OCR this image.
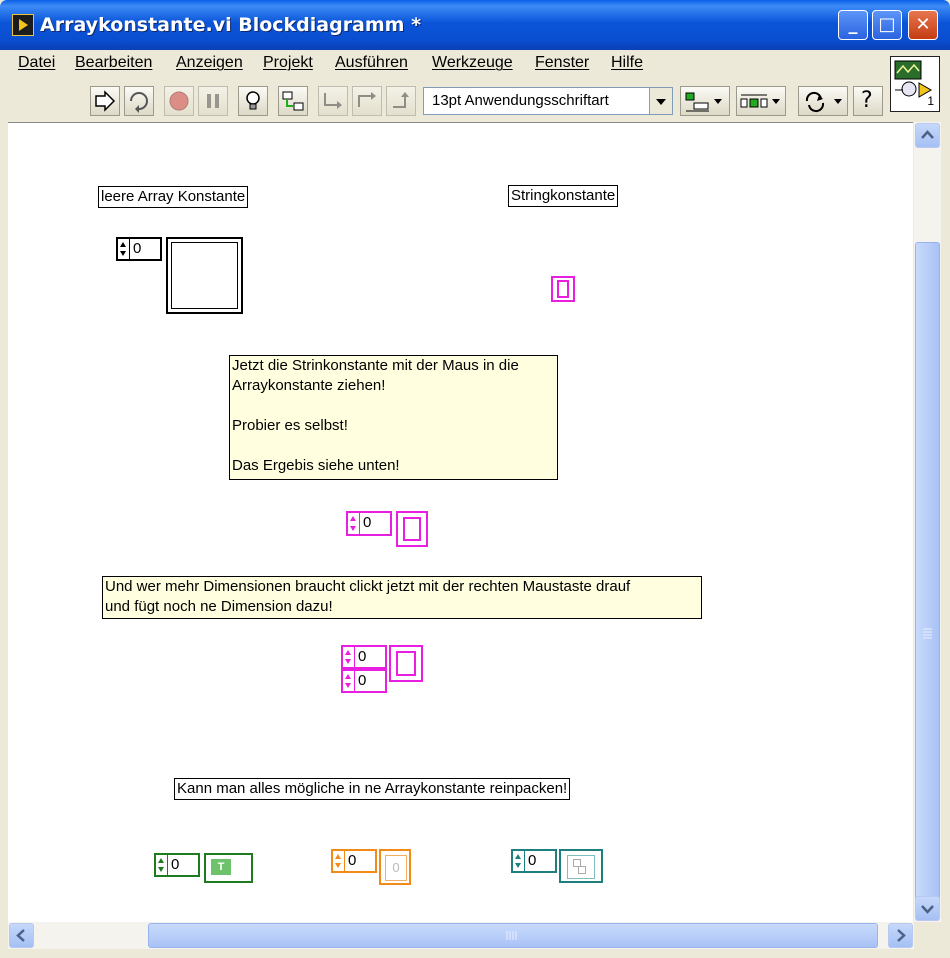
Arraykonstante.vi Blockdiagramm *	_	□	✕
Datei Bearbeiten Anzeigen Projekt Ausführen Werkzeuge Fenster Hilfe
13pt Anwendungsschriftart	?	1
leere Array Konstante	Stringkonstante
0
Jetzt die Strinkonstante mit der Maus in die
Arraykonstante ziehen!

Probier es selbst!

Das Ergebis siehe unten!
0
Und wer mehr Dimensionen braucht clickt jetzt mit der rechten Maustaste drauf
und fügt noch ne Dimension dazu!
0
0
Kann man alles mögliche in ne Arraykonstante reinpacken!
0	T	0	0	0
